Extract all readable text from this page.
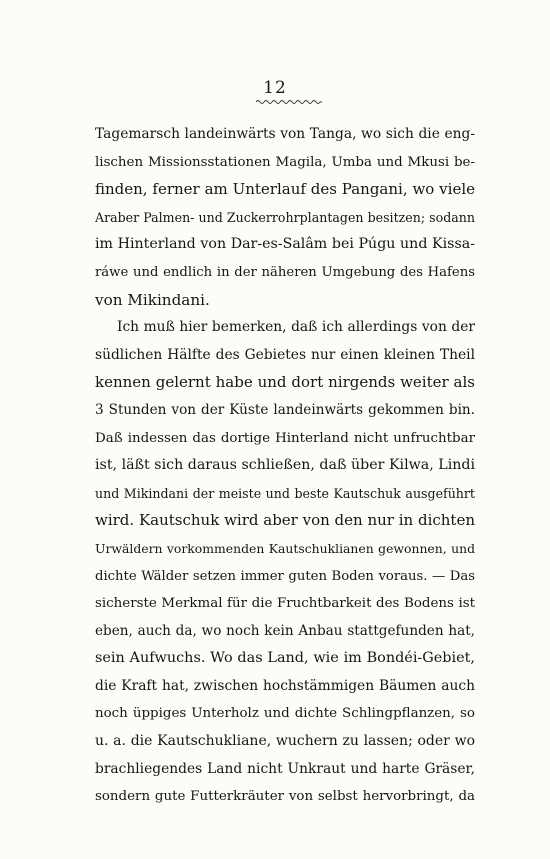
12
Tagemarsch landeinwärts von Tanga, wo sich die eng-
lischen Missionsstationen Magila, Umba und Mkusi be-
finden, ferner am Unterlauf des Pangani, wo viele
Araber Palmen- und Zuckerrohrplantagen besitzen; sodann
im Hinterland von Dar-es-Salâm bei Púgu und Kissa-
ráwe und endlich in der näheren Umgebung des Hafens
von Mikindani.
Ich muß hier bemerken, daß ich allerdings von der
südlichen Hälfte des Gebietes nur einen kleinen Theil
kennen gelernt habe und dort nirgends weiter als
3 Stunden von der Küste landeinwärts gekommen bin.
Daß indessen das dortige Hinterland nicht unfruchtbar
ist, läßt sich daraus schließen, daß über Kilwa, Lindi
und Mikindani der meiste und beste Kautschuk ausgeführt
wird. Kautschuk wird aber von den nur in dichten
Urwäldern vorkommenden Kautschuklianen gewonnen, und
dichte Wälder setzen immer guten Boden voraus. — Das
sicherste Merkmal für die Fruchtbarkeit des Bodens ist
eben, auch da, wo noch kein Anbau stattgefunden hat,
sein Aufwuchs. Wo das Land, wie im Bondéi-Gebiet,
die Kraft hat, zwischen hochstämmigen Bäumen auch
noch üppiges Unterholz und dichte Schlingpflanzen, so
u. a. die Kautschukliane, wuchern zu lassen; oder wo
brachliegendes Land nicht Unkraut und harte Gräser,
sondern gute Futterkräuter von selbst hervorbringt, da
